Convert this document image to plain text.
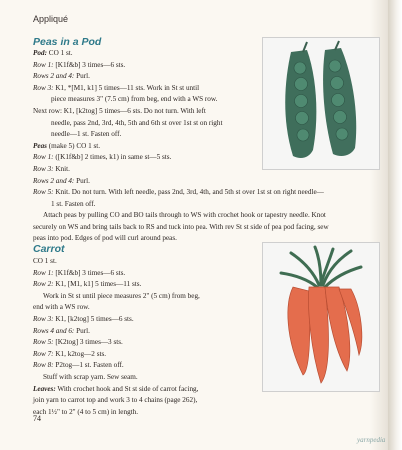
Appliqué
Peas in a Pod
Pod: CO 1 st.
Row 1: [K1f&b] 3 times—6 sts.
Rows 2 and 4: Purl.
Row 3: K1, *[M1, k1] 5 times—11 sts. Work in St st until
piece measures 3" (7.5 cm) from beg, end with a WS row.
Next row: K1, [k2tog] 5 times—6 sts. Do not turn. With left
needle, pass 2nd, 3rd, 4th, 5th and 6th st over 1st st on right
needle—1 st. Fasten off.
Peas (make 5) CO 1 st.
Row 1: ([K1f&b] 2 times, k1) in same st—5 sts.
Row 3: Knit.
Rows 2 and 4: Purl.
Row 5: Knit. Do not turn. With left needle, pass 2nd, 3rd, 4th, and 5th st over 1st st on right needle—
1 st. Fasten off.
Attach peas by pulling CO and BO tails through to WS with crochet hook or tapestry needle. Knot
securely on WS and bring tails back to RS and tuck into pea. With rev St st side of pea pod facing, sew
peas into pod. Edges of pod will curl around peas.
Carrot
CO 1 st.
Row 1: [K1f&b] 3 times—6 sts.
Row 2: K1, [M1, k1] 5 times—11 sts.
Work in St st until piece measures 2" (5 cm) from beg,
end with a WS row.
Row 3: K1, [k2tog] 5 times—6 sts.
Rows 4 and 6: Purl.
Row 5: [K2tog] 3 times—3 sts.
Row 7: K1, k2tog—2 sts.
Row 8: P2tog—1 st. Fasten off.
Stuff with scrap yarn. Sew seam.
Leaves: With crochet hook and St st side of carrot facing,
join yarn to carrot top and work 3 to 4 chains (page 262),
each 1½" to 2" (4 to 5 cm) in length.
74
yarnpedia
